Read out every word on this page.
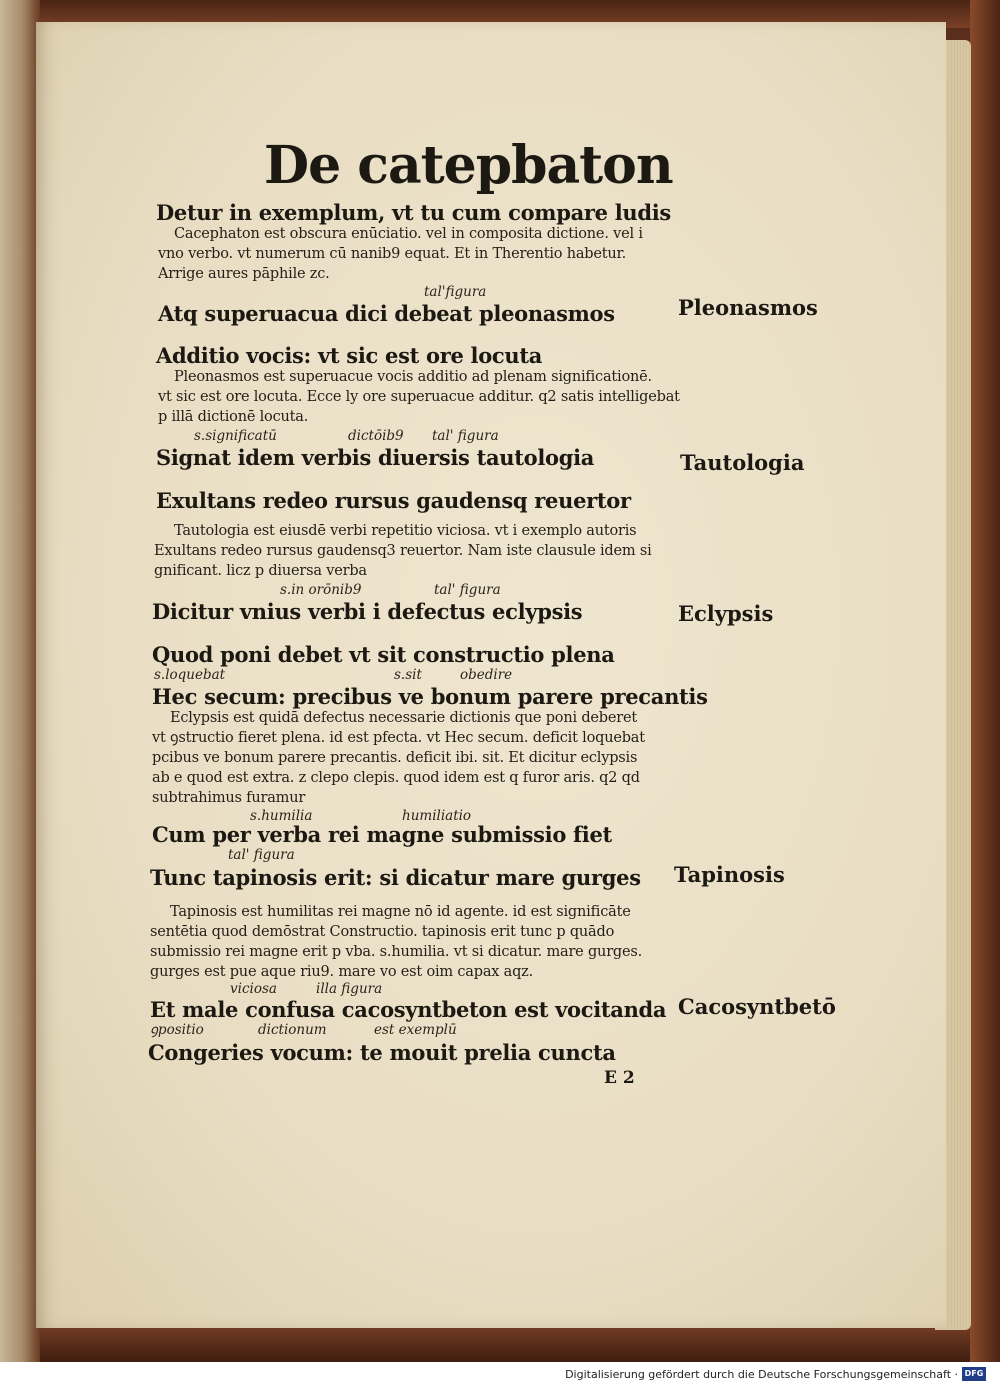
De catepbaton
Detur in exemplum, vt tu cum compare ludis
Cacephaton est obscura enūciatio. vel in composita dictione. vel i
vno verbo. vt numerum cū nanib9 equat. Et in Therentio habetur.
Arrige aures pāphile zc.
tal'figura
Atq superuacua dici debeat pleonasmos
Additio vocis: vt sic est ore locuta
Pleonasmos est superuacue vocis additio ad plenam significationē.
vt sic est ore locuta. Ecce ly ore superuacue additur. q2 satis intelligebat
p illā dictionē locuta.
s.significatū	dictōib9 tal' figura
Signat idem verbis diuersis tautologia
Exultans redeo rursus gaudensq reuertor
Tautologia est eiusdē verbi repetitio viciosa. vt i exemplo autoris
Exultans redeo rursus gaudensq3 reuertor. Nam iste clausule idem si
gnificant. licz p diuersa verba
s.in orōnib9	tal' figura
Dicitur vnius verbi i defectus eclypsis
Quod poni debet vt sit constructio plena
s.loquebat	s.sit	obedire
Hec secum: precibus ve bonum parere precantis
Eclypsis est quidā defectus necessarie dictionis que poni deberet
vt ꝯstructio fieret plena. id est pfecta. vt Hec secum. deficit loquebat
pcibus ve bonum parere precantis. deficit ibi. sit. Et dicitur eclypsis
ab e quod est extra. z clepo clepis. quod idem est q furor aris. q2 qd
subtrahimus furamur
s.humilia	humiliatio
Cum per verba rei magne submissio fiet
tal' figura
Tunc tapinosis erit: si dicatur mare gurges
Tapinosis est humilitas rei magne nō id agente. id est significāte
sentētia quod demōstrat Constructio. tapinosis erit tunc p quādo
submissio rei magne erit p vba. s.humilia. vt si dicatur. mare gurges.
gurges est pue aque riu9. mare vo est oim capax aqz.
viciosa	illa figura
Et male confusa cacosyntbeton est vocitanda
ꝯpositio	dictionum	est exemplū
Congeries vocum: te mouit prelia cuncta
E 2
Pleonasmos
Tautologia
Eclypsis
Tapinosis
Cacosyntbetō
Digitalisierung gefördert durch die Deutsche Forschungsgemeinschaft · DFG
